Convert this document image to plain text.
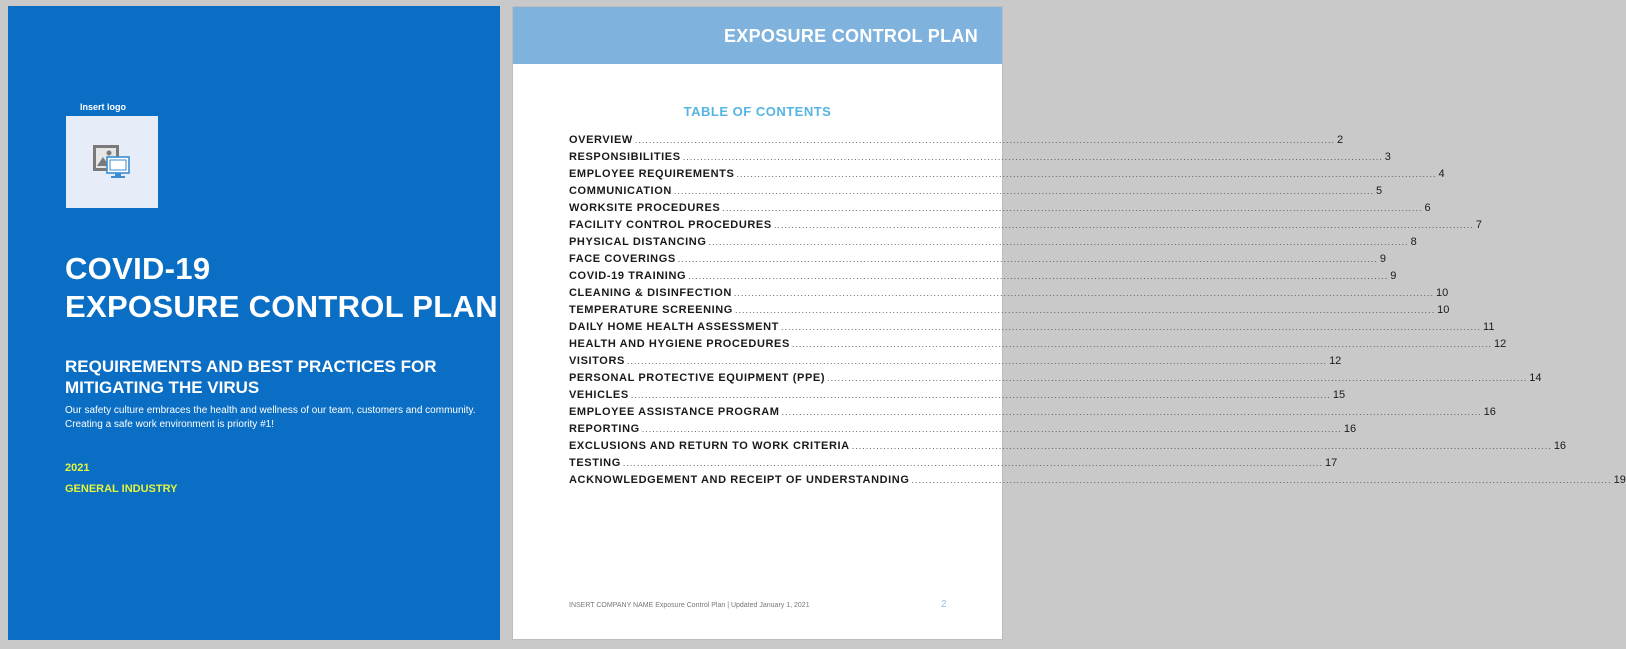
Insert logo
COVID-19
EXPOSURE CONTROL PLAN
REQUIREMENTS AND BEST PRACTICES FOR
MITIGATING THE VIRUS
Our safety culture embraces the health and wellness of our team, customers and community.
Creating a safe work environment is priority #1!
2021
GENERAL INDUSTRY
EXPOSURE CONTROL PLAN
TABLE OF CONTENTS
OVERVIEW ........................................................................................................................................................................................................ 2
RESPONSIBILITIES ........................................................................................................................................................................................................ 3
EMPLOYEE REQUIREMENTS ........................................................................................................................................................................................................ 4
COMMUNICATION ........................................................................................................................................................................................................ 5
WORKSITE PROCEDURES ........................................................................................................................................................................................................ 6
FACILITY CONTROL PROCEDURES ........................................................................................................................................................................................................ 7
PHYSICAL DISTANCING ........................................................................................................................................................................................................ 8
FACE COVERINGS ........................................................................................................................................................................................................ 9
COVID-19 TRAINING ........................................................................................................................................................................................................ 9
CLEANING & DISINFECTION ........................................................................................................................................................................................................ 10
TEMPERATURE SCREENING ........................................................................................................................................................................................................ 10
DAILY HOME HEALTH ASSESSMENT ........................................................................................................................................................................................................ 11
HEALTH AND HYGIENE PROCEDURES ........................................................................................................................................................................................................ 12
VISITORS ........................................................................................................................................................................................................ 12
PERSONAL PROTECTIVE EQUIPMENT (PPE) ........................................................................................................................................................................................................ 14
VEHICLES ........................................................................................................................................................................................................ 15
EMPLOYEE ASSISTANCE PROGRAM ........................................................................................................................................................................................................ 16
REPORTING ........................................................................................................................................................................................................ 16
EXCLUSIONS AND RETURN TO WORK CRITERIA ........................................................................................................................................................................................................ 16
TESTING ........................................................................................................................................................................................................ 17
ACKNOWLEDGEMENT AND RECEIPT OF UNDERSTANDING ........................................................................................................................................................................................................ 19
INSERT COMPANY NAME Exposure Control Plan | Updated January 1, 2021	2
